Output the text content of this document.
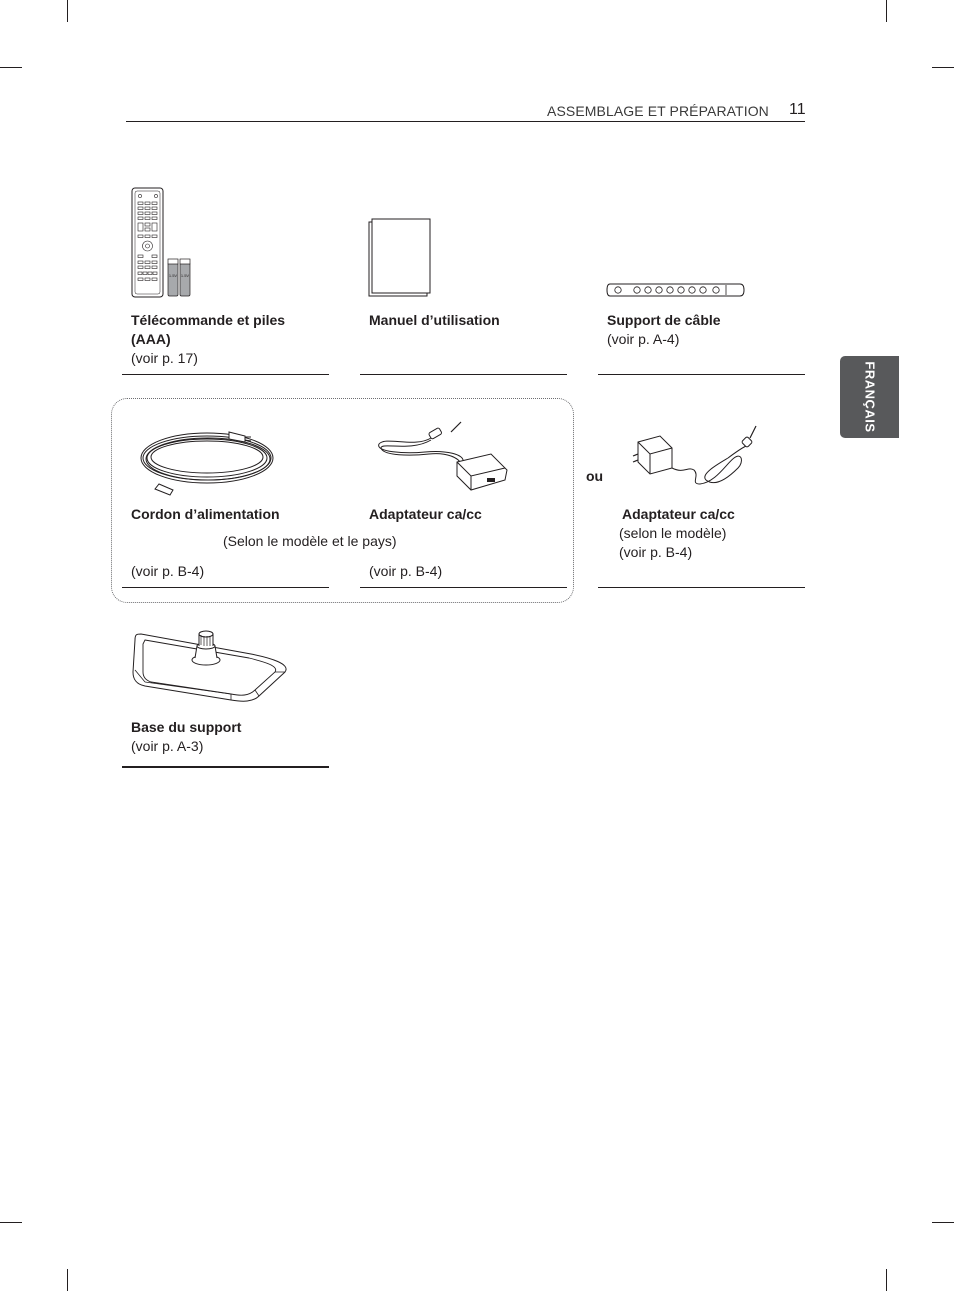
ASSEMBLAGE ET PRÉPARATION 11
FRANÇAIS
1.5V 1.5V
Télécommande et piles
(AAA)
(voir p. 17)
Manuel d’utilisation	Support de câble
(voir p. A-4)
ou
Cordon d’alimentation	Adaptateur ca/cc	Adaptateur ca/cc
(Selon le modèle et le pays)	(selon le modèle)
(voir p. B-4)
(voir p. B-4)	(voir p. B-4)
Base du support
(voir p. A-3)
